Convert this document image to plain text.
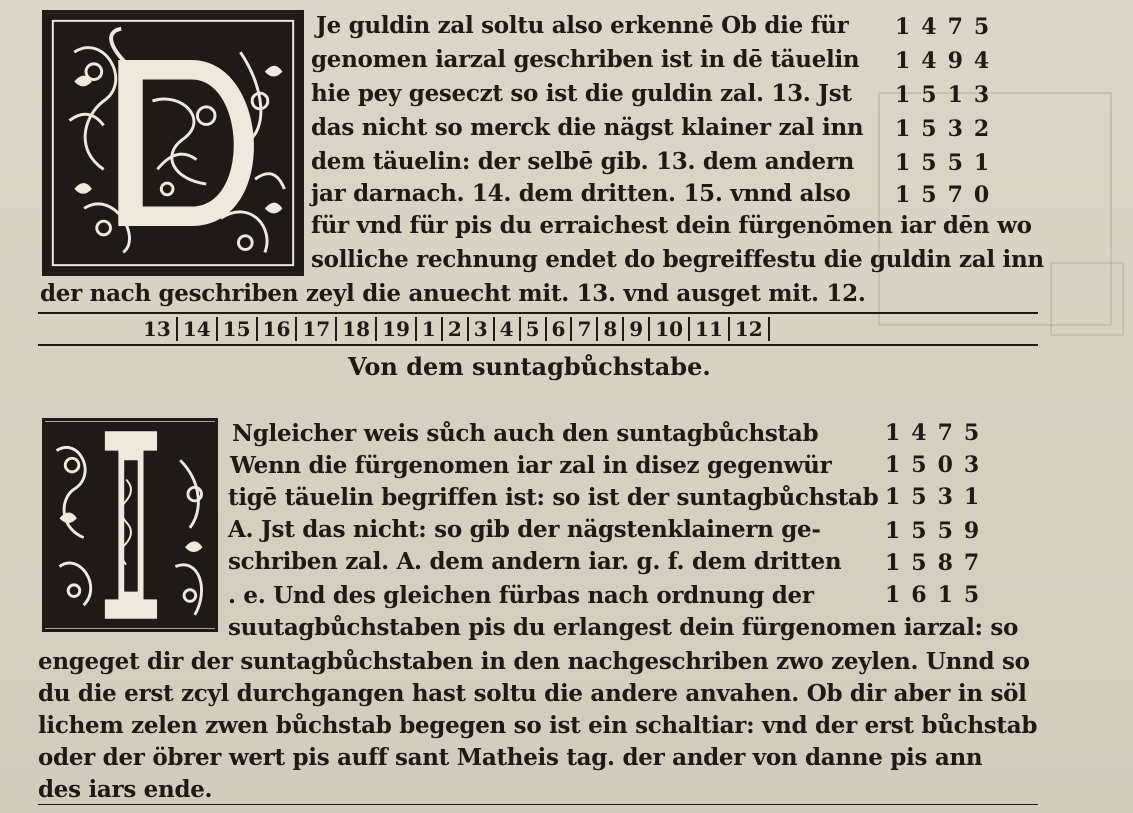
Je guldin zal soltu also erkennē Ob die für
genomen iarzal geschriben ist in dē täuelin
hie pey geseczt so ist die guldin zal. 13. Jst
das nicht so merck die nägst klainer zal inn
dem täuelin: der selbē gib. 13. dem andern
jar darnach. 14. dem dritten. 15. vnnd also
für vnd für pis du erraichest dein fürgenōmen iar dēn wo
solliche rechnung endet do begreiffestu die guldin zal inn
der nach geschriben zeyl die anuecht mit. 13. vnd ausget mit. 12.
1475
1494
1513
1532
1551
1570
13 14 15 16 17 18 19 1 2 3 4 5 6 7 8 9 10 11 12
Von dem suntagbůchstabe.
Ngleicher weis sůch auch den suntagbůchstab
Wenn die fürgenomen iar zal in disez gegenwür
tigē täuelin begriffen ist: so ist der suntagbůchstab
A. Jst das nicht: so gib der nägstenklainern ge-
schriben zal. A. dem andern iar. g. f. dem dritten
. e. Und des gleichen fürbas nach ordnung der
suutagbůchstaben pis du erlangest dein fürgenomen iarzal: so
engeget dir der suntagbůchstaben in den nachgeschriben zwo zeylen. Unnd so
du die erst zcyl durchgangen hast soltu die andere anvahen. Ob dir aber in söl
lichem zelen zwen bůchstab begegen so ist ein schaltiar: vnd der erst bůchstab
oder der öbrer wert pis auff sant Matheis tag. der ander von danne pis ann
des iars ende.
1475
1503
1531
1559
1587
1615
